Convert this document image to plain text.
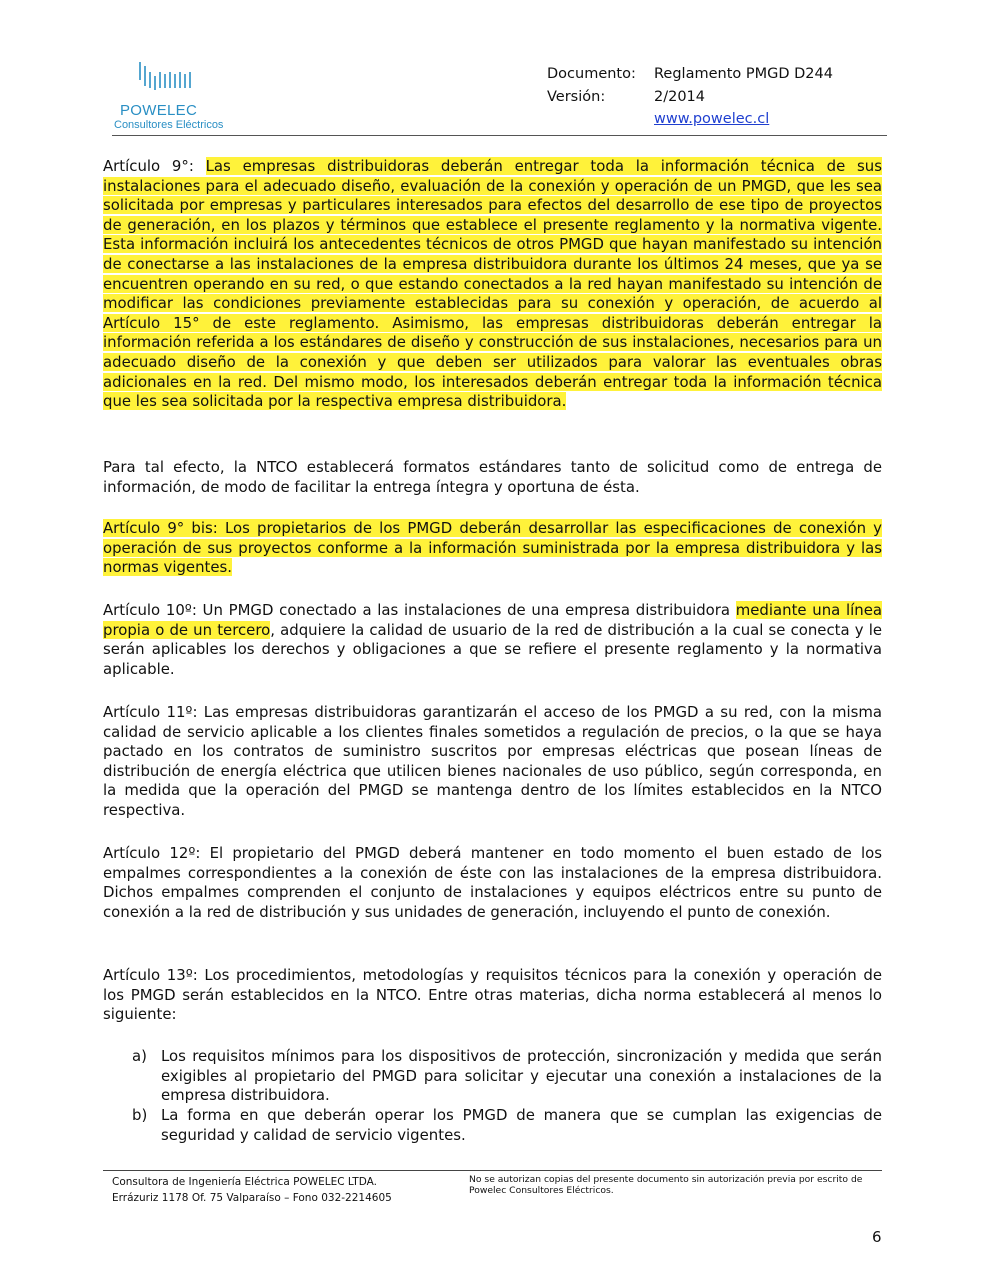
POWELEC
Consultores Eléctricos
Documento: Reglamento PMGD D244
Versión:	2/2014
www.powelec.cl
Artículo 9°: Las empresas distribuidoras deberán entregar toda la información técnica de sus instalaciones para el adecuado diseño, evaluación de la conexión y operación de un PMGD, que les sea solicitada por empresas y particulares interesados para efectos del desarrollo de ese tipo de proyectos de generación, en los plazos y términos que establece el presente reglamento y la normativa vigente. Esta información incluirá los antecedentes técnicos de otros PMGD que hayan manifestado su intención de conectarse a las instalaciones de la empresa distribuidora durante los últimos 24 meses, que ya se encuentren operando en su red, o que estando conectados a la red hayan manifestado su intención de modificar las condiciones previamente establecidas para su conexión y operación, de acuerdo al Artículo 15° de este reglamento. Asimismo, las empresas distribuidoras deberán entregar la información referida a los estándares de diseño y construcción de sus instalaciones, necesarios para un adecuado diseño de la conexión y que deben ser utilizados para valorar las eventuales obras adicionales en la red. Del mismo modo, los interesados deberán entregar toda la información técnica que les sea solicitada por la respectiva empresa distribuidora.
Para tal efecto, la NTCO establecerá formatos estándares tanto de solicitud como de entrega de información, de modo de facilitar la entrega íntegra y oportuna de ésta.
Artículo 9° bis: Los propietarios de los PMGD deberán desarrollar las especificaciones de conexión y operación de sus proyectos conforme a la información suministrada por la empresa distribuidora y las normas vigentes.
Artículo 10º: Un PMGD conectado a las instalaciones de una empresa distribuidora mediante una línea propia o de un tercero, adquiere la calidad de usuario de la red de distribución a la cual se conecta y le serán aplicables los derechos y obligaciones a que se refiere el presente reglamento y la normativa aplicable.
Artículo 11º: Las empresas distribuidoras garantizarán el acceso de los PMGD a su red, con la misma calidad de servicio aplicable a los clientes finales sometidos a regulación de precios, o la que se haya pactado en los contratos de suministro suscritos por empresas eléctricas que posean líneas de distribución de energía eléctrica que utilicen bienes nacionales de uso público, según corresponda, en la medida que la operación del PMGD se mantenga dentro de los límites establecidos en la NTCO respectiva.
Artículo 12º: El propietario del PMGD deberá mantener en todo momento el buen estado de los empalmes correspondientes a la conexión de éste con las instalaciones de la empresa distribuidora. Dichos empalmes comprenden el conjunto de instalaciones y equipos eléctricos entre su punto de conexión a la red de distribución y sus unidades de generación, incluyendo el punto de conexión.
Artículo 13º: Los procedimientos, metodologías y requisitos técnicos para la conexión y operación de los PMGD serán establecidos en la NTCO. Entre otras materias, dicha norma establecerá al menos lo siguiente:
a) Los requisitos mínimos para los dispositivos de protección, sincronización y medida que serán exigibles al propietario del PMGD para solicitar y ejecutar una conexión a instalaciones de la empresa distribuidora.
b) La forma en que deberán operar los PMGD de manera que se cumplan las exigencias de seguridad y calidad de servicio vigentes.
Consultora de Ingeniería Eléctrica POWELEC LTDA.
Errázuriz 1178 Of. 75 Valparaíso – Fono 032-2214605
No se autorizan copias del presente documento sin autorización previa por escrito de Powelec Consultores Eléctricos.
6
